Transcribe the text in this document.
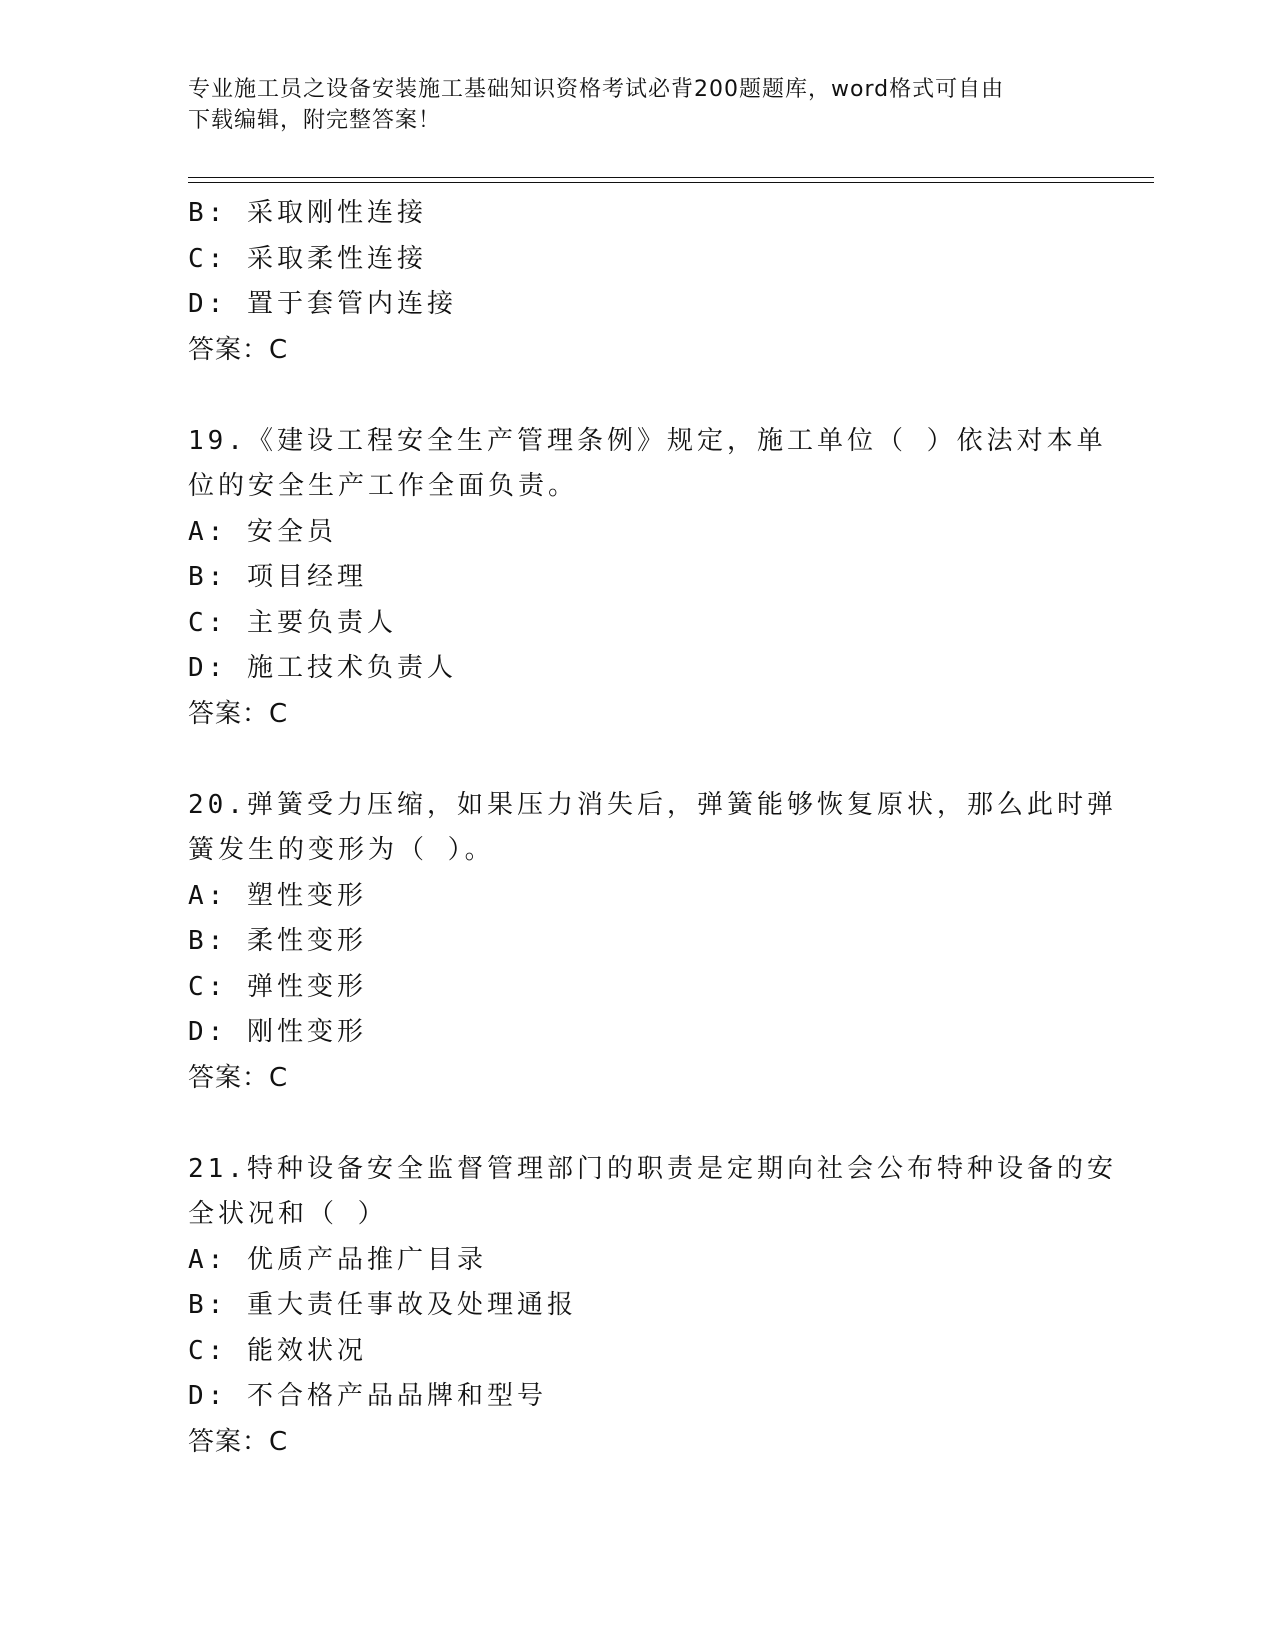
专业施工员之设备安装施工基础知识资格考试必背200题题库，word格式可自由
下载编辑，附完整答案！

B: 采取刚性连接

C: 采取柔性连接

D: 置于套管内连接

答案：C

19.《建设工程安全生产管理条例》规定，施工单位（ ）依法对本单

位的安全生产工作全面负责。

A: 安全员

B: 项目经理

C: 主要负责人

D: 施工技术负责人

答案：C

20.弹簧受力压缩，如果压力消失后，弹簧能够恢复原状，那么此时弹

簧发生的变形为（ ）。

A: 塑性变形

B: 柔性变形

C: 弹性变形

D: 刚性变形

答案：C

21.特种设备安全监督管理部门的职责是定期向社会公布特种设备的安

全状况和（ ）

A: 优质产品推广目录

B: 重大责任事故及处理通报

C: 能效状况

D: 不合格产品品牌和型号

答案：C
